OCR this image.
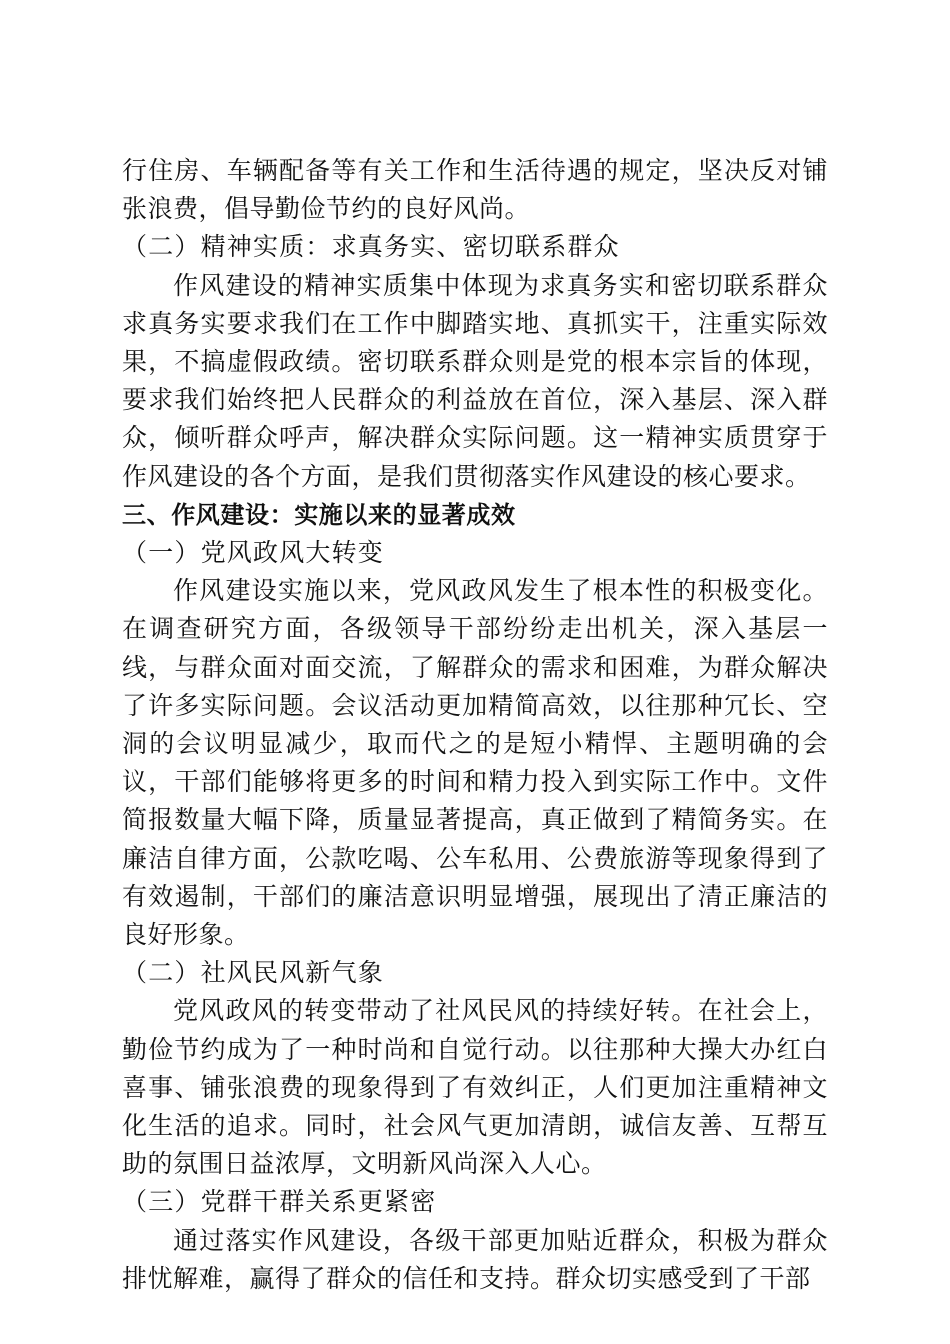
行住房、车辆配备等有关工作和生活待遇的规定，坚决反对铺张浪费，倡导勤俭节约的良好风尚。

（二）精神实质：求真务实、密切联系群众

作风建设的精神实质集中体现为求真务实和密切联系群众求真务实要求我们在工作中脚踏实地、真抓实干，注重实际效果，不搞虚假政绩。密切联系群众则是党的根本宗旨的体现，要求我们始终把人民群众的利益放在首位，深入基层、深入群众，倾听群众呼声，解决群众实际问题。这一精神实质贯穿于作风建设的各个方面，是我们贯彻落实作风建设的核心要求。

三、作风建设：实施以来的显著成效

（一）党风政风大转变

作风建设实施以来，党风政风发生了根本性的积极变化。在调查研究方面，各级领导干部纷纷走出机关，深入基层一线，与群众面对面交流，了解群众的需求和困难，为群众解决了许多实际问题。会议活动更加精简高效，以往那种冗长、空洞的会议明显减少，取而代之的是短小精悍、主题明确的会议，干部们能够将更多的时间和精力投入到实际工作中。文件简报数量大幅下降，质量显著提高，真正做到了精简务实。在廉洁自律方面，公款吃喝、公车私用、公费旅游等现象得到了有效遏制，干部们的廉洁意识明显增强，展现出了清正廉洁的良好形象。

（二）社风民风新气象

党风政风的转变带动了社风民风的持续好转。在社会上，勤俭节约成为了一种时尚和自觉行动。以往那种大操大办红白喜事、铺张浪费的现象得到了有效纠正，人们更加注重精神文化生活的追求。同时，社会风气更加清朗，诚信友善、互帮互助的氛围日益浓厚，文明新风尚深入人心。

（三）党群干群关系更紧密

通过落实作风建设，各级干部更加贴近群众，积极为群众排忧解难，赢得了群众的信任和支持。群众切实感受到了干部
